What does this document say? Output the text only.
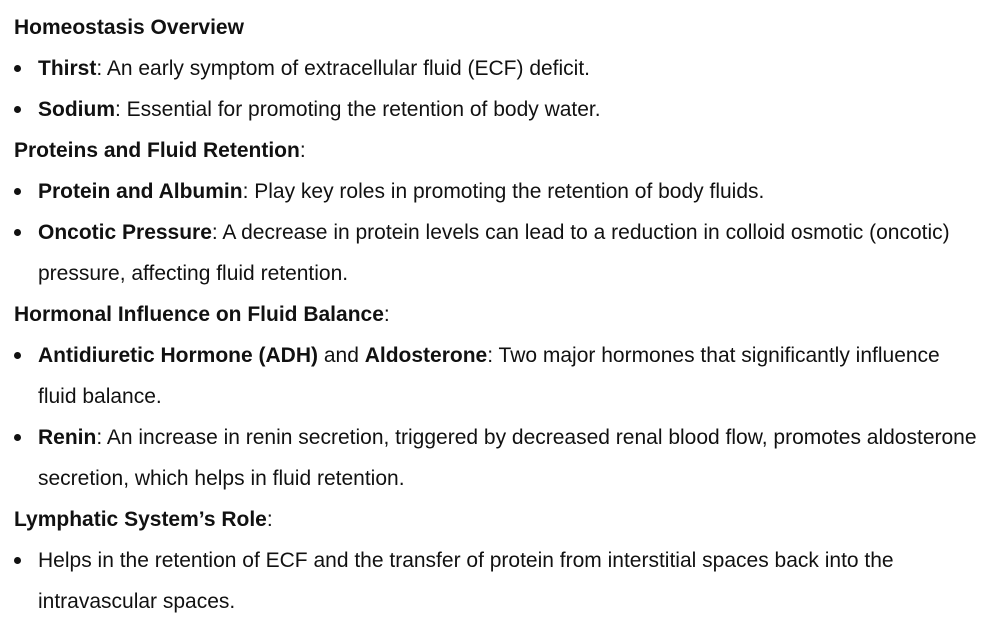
Homeostasis Overview

Thirst: An early symptom of extracellular fluid (ECF) deficit.
Sodium: Essential for promoting the retention of body water.

Proteins and Fluid Retention:

Protein and Albumin: Play key roles in promoting the retention of body fluids.
Oncotic Pressure: A decrease in protein levels can lead to a reduction in colloid osmotic (oncotic) pressure, affecting fluid retention.

Hormonal Influence on Fluid Balance:

Antidiuretic Hormone (ADH) and Aldosterone: Two major hormones that significantly influence fluid balance.
Renin: An increase in renin secretion, triggered by decreased renal blood flow, promotes aldosterone secretion, which helps in fluid retention.

Lymphatic System’s Role:

Helps in the retention of ECF and the transfer of protein from interstitial spaces back into the intravascular spaces.
